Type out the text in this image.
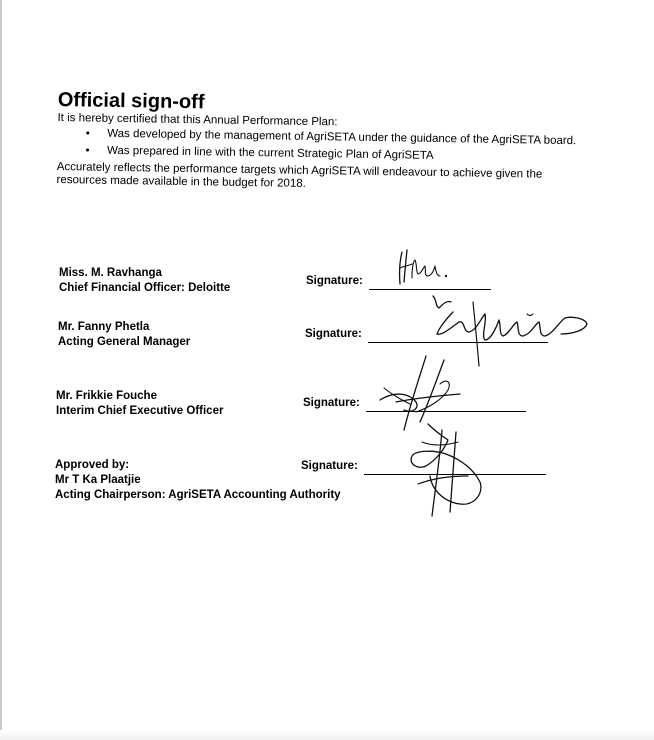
Official sign-off

It is hereby certified that this Annual Performance Plan:

• Was developed by the management of AgriSETA under the guidance of the AgriSETA board.
• Was prepared in line with the current Strategic Plan of AgriSETA

Accurately reflects the performance targets which AgriSETA will endeavour to achieve given the resources made available in the budget for 2018.

Miss. M. Ravhanga
Chief Financial Officer: Deloitte
Signature:
Mr. Fanny Phetla
Acting General Manager
Signature:
Mr. Frikkie Fouche
Interim Chief Executive Officer
Signature:
Approved by:
Mr T Ka Plaatjie
Acting Chairperson: AgriSETA Accounting Authority
Signature:
